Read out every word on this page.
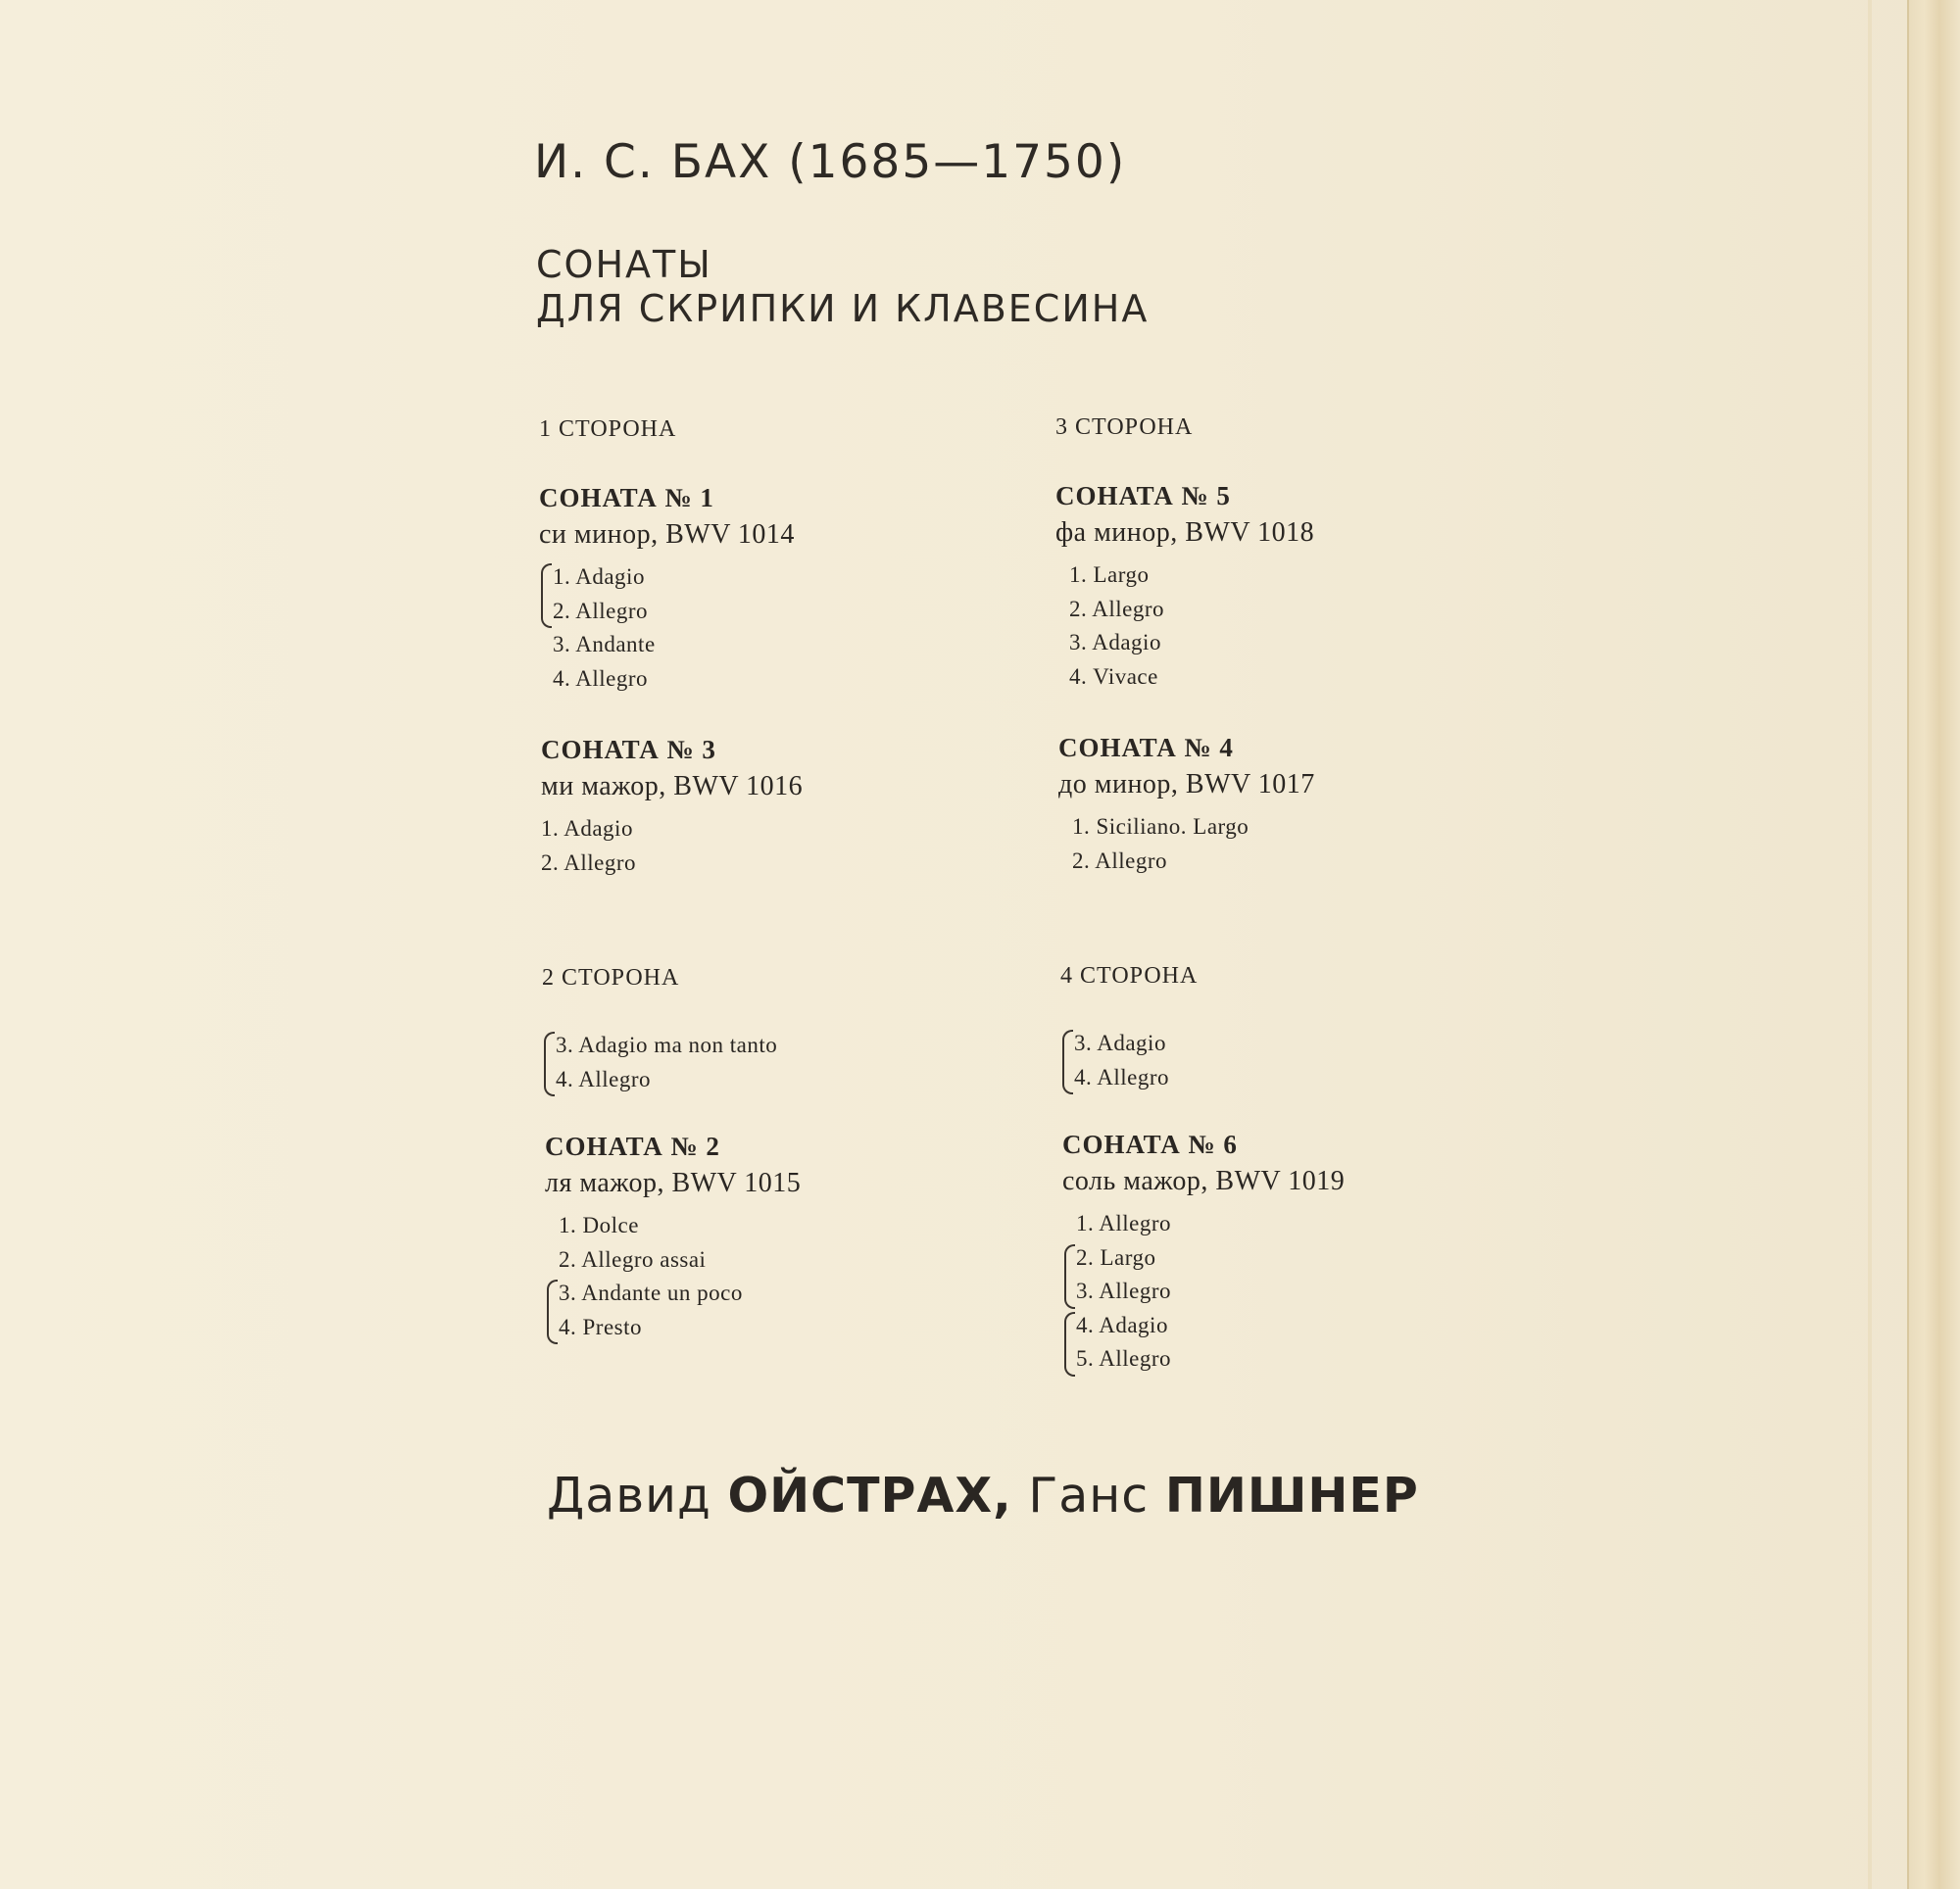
И. С. БАХ (1685—1750)
СОНАТЫ
ДЛЯ СКРИПКИ И КЛАВЕСИНА
1 СТОРОНА
СОНАТА № 1
си минор, BWV 1014
1. Adagio
2. Allegro
3. Andante
4. Allegro
СОНАТА № 3
ми мажор, BWV 1016
1. Adagio
2. Allegro
3 СТОРОНА
СОНАТА № 5
фа минор, BWV 1018
1. Largo
2. Allegro
3. Adagio
4. Vivace
СОНАТА № 4
до минор, BWV 1017
1. Siciliano. Largo
2. Allegro
2 СТОРОНА
3. Adagio ma non tanto
4. Allegro
СОНАТА № 2
ля мажор, BWV 1015
1. Dolce
2. Allegro assai
3. Andante un poco
4. Presto
4 СТОРОНА
3. Adagio
4. Allegro
СОНАТА № 6
соль мажор, BWV 1019
1. Allegro
2. Largo
3. Allegro
4. Adagio
5. Allegro
Давид ОЙСТРАХ, Ганс ПИШНЕР
